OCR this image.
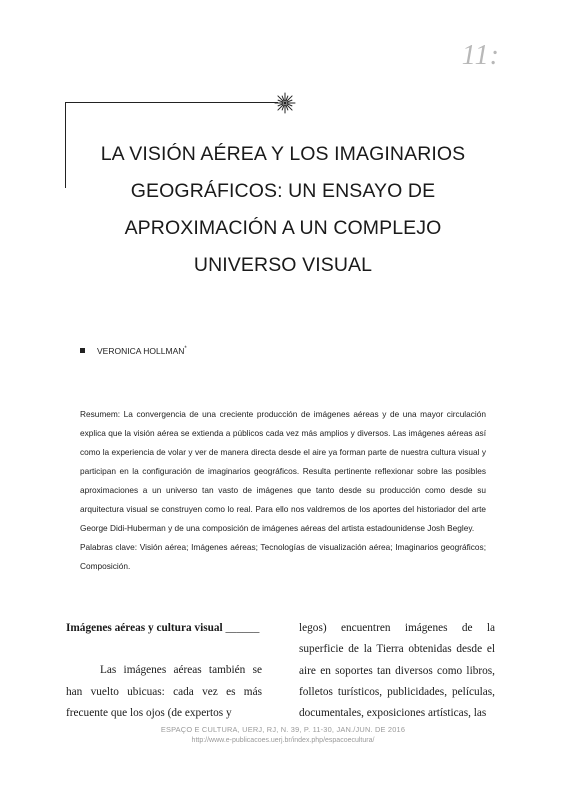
11:
LA VISIÓN AÉREA Y LOS IMAGINARIOS
GEOGRÁFICOS: UN ENSAYO DE
APROXIMACIÓN A UN COMPLEJO
UNIVERSO VISUAL
VERONICA HOLLMAN*

Resumem: La convergencia de una creciente producción de imágenes aéreas y de una mayor circulación explica que la visión aérea se extienda a públicos cada vez más amplios y diversos. Las imágenes aéreas así como la experiencia de volar y ver de manera directa desde el aire ya forman parte de nuestra cultura visual y participan en la configuración de imaginarios geográficos. Resulta pertinente reflexionar sobre las posibles aproximaciones a un universo tan vasto de imágenes que tanto desde su producción como desde su arquitectura visual se construyen como lo real. Para ello nos valdremos de los aportes del historiador del arte George Didi-Huberman y de una composición de imágenes aéreas del artista estadounidense Josh Begley.

Palabras clave: Visión aérea; Imágenes aéreas; Tecnologías de visualización aérea; Imaginarios geográficos; Composición.

Imágenes aéreas y cultura visual ______

Las imágenes aéreas también se han vuelto ubicuas: cada vez es más frecuente que los ojos (de expertos y

legos) encuentren imágenes de la superficie de la Tierra obtenidas desde el aire en soportes tan diversos como libros, folletos turísticos, publicidades, películas, documentales, exposiciones artísticas, las

ESPAÇO E CULTURA, UERJ, RJ, N. 39, P. 11-30, JAN./JUN. DE 2016
http://www.e-publicacoes.uerj.br/index.php/espacoecultura/
